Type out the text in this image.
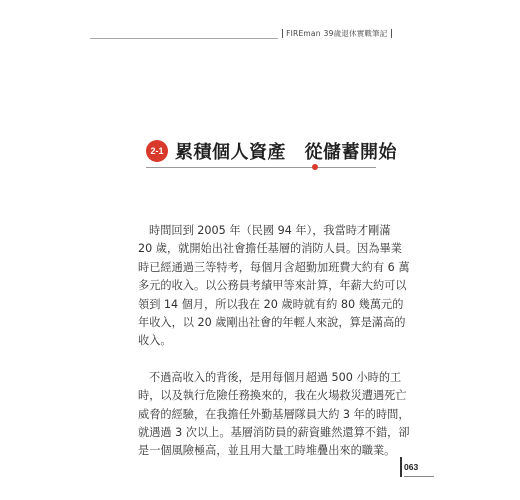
FIREman 39歲退休實戰筆記
2-1 累積個人資產　從儲蓄開始

時間回到 2005 年（民國 94 年），我當時才剛滿
20 歲，就開始出社會擔任基層的消防人員。因為畢業
時已經通過三等特考，每個月含超勤加班費大約有 6 萬
多元的收入。以公務員考績甲等來計算，年薪大約可以
領到 14 個月，所以我在 20 歲時就有約 80 幾萬元的
年收入，以 20 歲剛出社會的年輕人來說，算是滿高的
收入。

不過高收入的背後，是用每個月超過 500 小時的工
時，以及執行危險任務換來的，我在火場救災遭遇死亡
威脅的經驗，在我擔任外勤基層隊員大約 3 年的時間，
就遇過 3 次以上。基層消防員的薪資雖然還算不錯，卻
是一個風險極高，並且用大量工時堆疊出來的職業。

063
